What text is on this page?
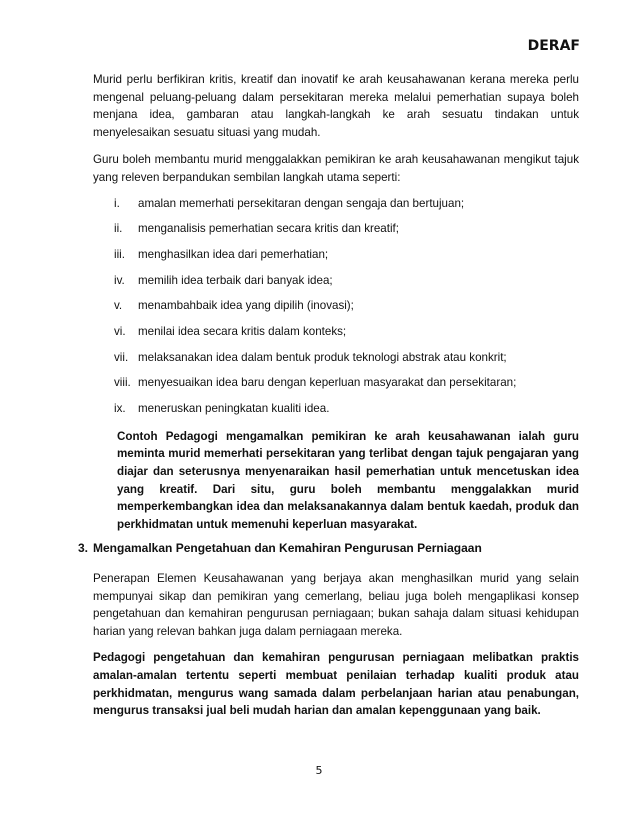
DERAF

Murid perlu berfikiran kritis, kreatif dan inovatif ke arah keusahawanan kerana mereka perlu mengenal peluang-peluang dalam persekitaran mereka melalui pemerhatian supaya boleh menjana idea, gambaran atau langkah-langkah ke arah sesuatu tindakan untuk menyelesaikan sesuatu situasi yang mudah.

Guru boleh membantu murid menggalakkan pemikiran ke arah keusahawanan mengikut tajuk yang releven berpandukan sembilan langkah utama seperti:

i.	amalan memerhati persekitaran dengan sengaja dan bertujuan;
ii.	menganalisis pemerhatian secara kritis dan kreatif;
iii.	menghasilkan idea dari pemerhatian;
iv.	memilih idea terbaik dari banyak idea;
v.	menambahbaik idea yang dipilih (inovasi);
vi.	menilai idea secara kritis dalam konteks;
vii. melaksanakan idea dalam bentuk produk teknologi abstrak atau konkrit;
viii. menyesuaikan idea baru dengan keperluan masyarakat dan persekitaran;
ix.	meneruskan peningkatan kualiti idea.

Contoh Pedagogi mengamalkan pemikiran ke arah keusahawanan ialah guru meminta murid memerhati persekitaran yang terlibat dengan tajuk pengajaran yang diajar dan seterusnya menyenaraikan hasil pemerhatian untuk mencetuskan idea yang kreatif. Dari situ, guru boleh membantu menggalakkan murid memperkembangkan idea dan melaksanakannya dalam bentuk kaedah, produk dan perkhidmatan untuk memenuhi keperluan masyarakat.

3. Mengamalkan Pengetahuan dan Kemahiran Pengurusan Perniagaan

Penerapan Elemen Keusahawanan yang berjaya akan menghasilkan murid yang selain mempunyai sikap dan pemikiran yang cemerlang, beliau juga boleh mengaplikasi konsep pengetahuan dan kemahiran pengurusan perniagaan; bukan sahaja dalam situasi kehidupan harian yang relevan bahkan juga dalam perniagaan mereka.

Pedagogi pengetahuan dan kemahiran pengurusan perniagaan melibatkan praktis amalan-amalan tertentu seperti membuat penilaian terhadap kualiti produk atau perkhidmatan, mengurus wang samada dalam perbelanjaan harian atau penabungan, mengurus transaksi jual beli mudah harian dan amalan kepenggunaan yang baik.

5
